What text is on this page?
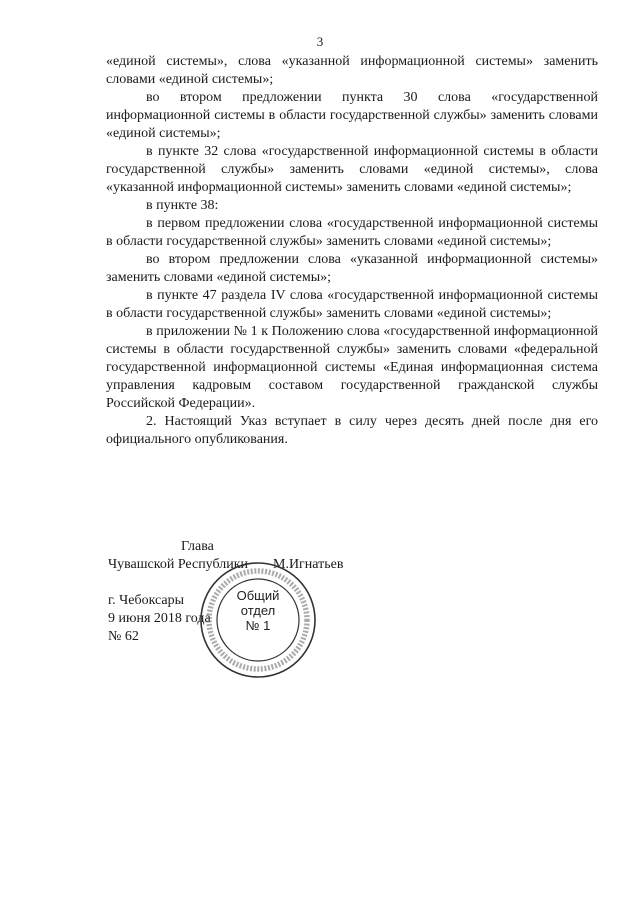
3

«единой системы», слова «указанной информационной системы» заменить словами «единой системы»;

во втором предложении пункта 30 слова «государственной информационной системы в области государственной службы» заменить словами «единой системы»;

в пункте 32 слова «государственной информационной системы в области государственной службы» заменить словами «единой системы», слова «указанной информационной системы» заменить словами «единой системы»;

в пункте 38:

в первом предложении слова «государственной информационной системы в области государственной службы» заменить словами «единой системы»;

во втором предложении слова «указанной информационной системы» заменить словами «единой системы»;

в пункте 47 раздела IV слова «государственной информационной системы в области государственной службы» заменить словами «единой системы»;

в приложении № 1 к Положению слова «государственной информационной системы в области государственной службы» заменить словами «федеральной государственной информационной системы «Единая информационная система управления кадровым составом государственной гражданской службы Российской Федерации».

2. Настоящий Указ вступает в силу через десять дней после дня его официального опубликования.

Глава
Чувашской Республики М.Игнатьев
г. Чебоксары
9 июня 2018 года
№ 62
Общий
отдел
№ 1
